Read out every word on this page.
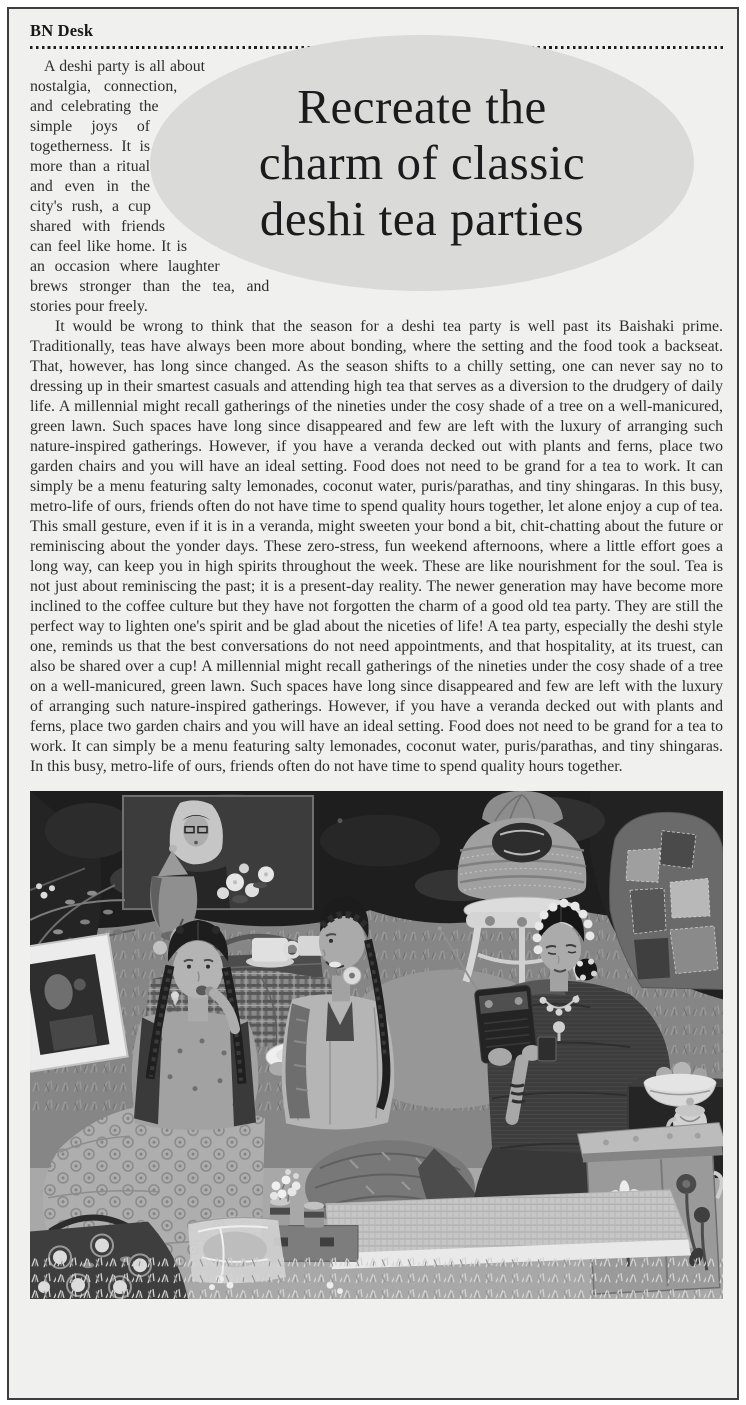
BN Desk
Recreate the
charm of classic
deshi tea parties

A deshi party is all about nostalgia, connection, and celebrating the simple joys of togetherness. It is more than a ritual and even in the city's rush, a cup shared with friends can feel like home. It is an occasion where laughter brews stronger than the tea, and stories pour freely.

It would be wrong to think that the season for a deshi tea party is well past its Baishaki prime. Traditionally, teas have always been more about bonding, where the setting and the food took a backseat. That, however, has long since changed. As the season shifts to a chilly setting, one can never say no to dressing up in their smartest casuals and attending high tea that serves as a diversion to the drudgery of daily life. A millennial might recall gatherings of the nineties under the cosy shade of a tree on a well-manicured, green lawn. Such spaces have long since disappeared and few are left with the luxury of arranging such nature-inspired gatherings. However, if you have a veranda decked out with plants and ferns, place two garden chairs and you will have an ideal setting. Food does not need to be grand for a tea to work. It can simply be a menu featuring salty lemonades, coconut water, puris/parathas, and tiny shingaras. In this busy, metro-life of ours, friends often do not have time to spend quality hours together, let alone enjoy a cup of tea. This small gesture, even if it is in a veranda, might sweeten your bond a bit, chit-chatting about the future or reminiscing about the yonder days. These zero-stress, fun weekend afternoons, where a little effort goes a long way, can keep you in high spirits throughout the week. These are like nourishment for the soul. Tea is not just about reminiscing the past; it is a present-day reality. The newer generation may have become more inclined to the coffee culture but they have not forgotten the charm of a good old tea party. They are still the perfect way to lighten one's spirit and be glad about the niceties of life! A tea party, especially the deshi style one, reminds us that the best conversations do not need appointments, and that hospitality, at its truest, can also be shared over a cup! A millennial might recall gatherings of the nineties under the cosy shade of a tree on a well-manicured, green lawn. Such spaces have long since disappeared and few are left with the luxury of arranging such nature-inspired gatherings. However, if you have a veranda decked out with plants and ferns, place two garden chairs and you will have an ideal setting. Food does not need to be grand for a tea to work. It can simply be a menu featuring salty lemonades, coconut water, puris/parathas, and tiny shingaras. In this busy, metro-life of ours, friends often do not have time to spend quality hours together.
